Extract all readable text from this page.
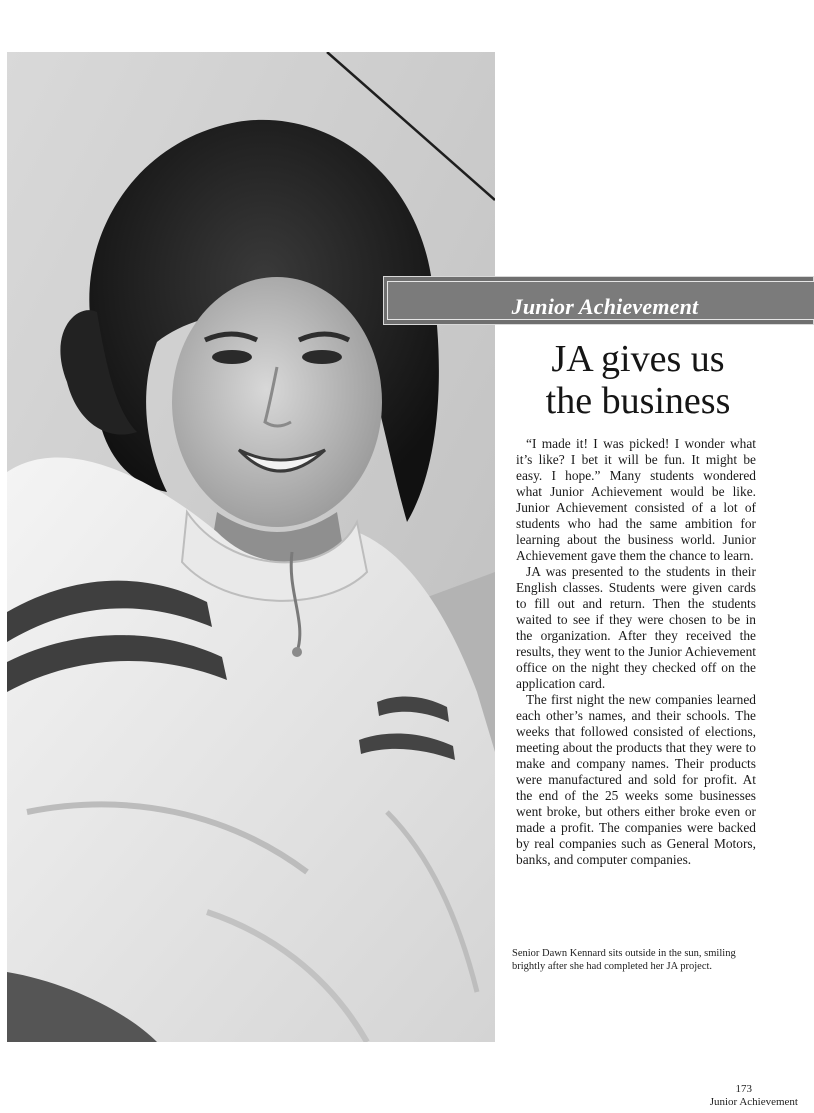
Junior Achievement
JA gives us
the business

“I made it! I was picked! I wonder what it’s like? I bet it will be fun. It might be easy. I hope.” Many students wondered what Junior Achievement would be like. Junior Achievement consisted of a lot of students who had the same ambition for learning about the business world. Junior Achievement gave them the chance to learn.

JA was presented to the students in their English classes. Students were given cards to fill out and return. Then the students waited to see if they were chosen to be in the organization. After they received the results, they went to the Junior Achievement office on the night they checked off on the application card.

The first night the new companies learned each other’s names, and their schools. The weeks that followed consisted of elections, meeting about the products that they were to make and company names. Their products were manufactured and sold for profit. At the end of the 25 weeks some businesses went broke, but others either broke even or made a profit. The companies were backed by real companies such as General Motors, banks, and computer companies.

Senior Dawn Kennard sits outside in the sun, smiling brightly after she had completed her JA project.
173
Junior Achievement
